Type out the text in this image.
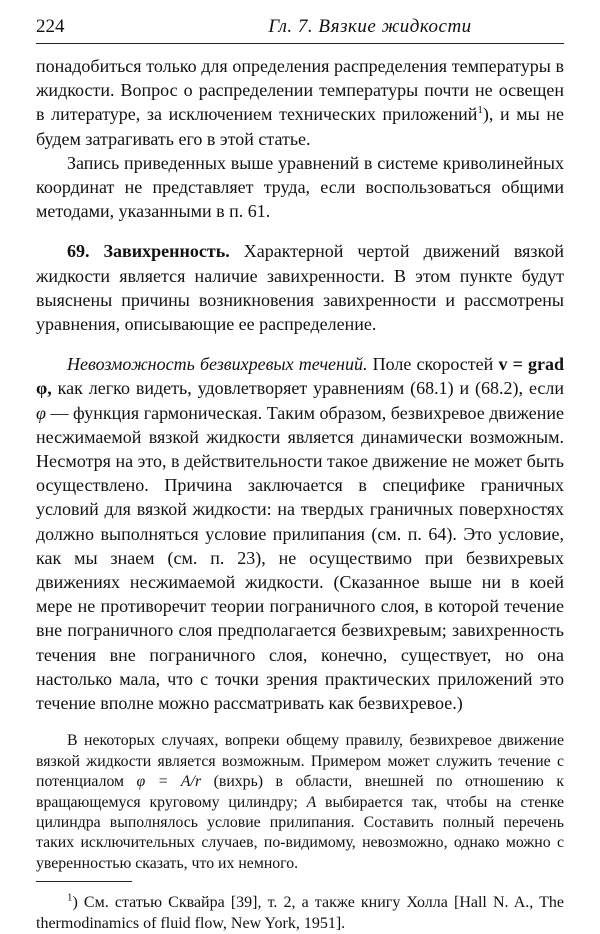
224	Гл. 7. Вязкие жидкости

понадобиться только для определения распределения температуры в жидкости. Вопрос о распределении температуры почти не освещен в литературе, за исключением технических приложений$^1$), и мы не будем затрагивать его в этой статье.

Запись приведенных выше уравнений в системе криволинейных координат не представляет труда, если воспользоваться общими методами, указанными в п. 61.

69. Завихренность. Характерной чертой движений вязкой жидкости является наличие завихренности. В этом пункте будут выяснены причины возникновения завихренности и рассмотрены уравнения, описывающие ее распределение.

Невозможность безвихревых течений. Поле скоростей v = grad φ, как легко видеть, удовлетворяет уравнениям (68.1) и (68.2), если φ — функция гармоническая. Таким образом, безвихревое движение несжимаемой вязкой жидкости является динамически возможным. Несмотря на это, в действительности такое движение не может быть осуществлено. Причина заключается в специфике граничных условий для вязкой жидкости: на твердых граничных поверхностях должно выполняться условие прилипания (см. п. 64). Это условие, как мы знаем (см. п. 23), не осуществимо при безвихревых движениях несжимаемой жидкости. (Сказанное выше ни в коей мере не противоречит теории пограничного слоя, в которой течение вне пограничного слоя предполагается безвихревым; завихренность течения вне пограничного слоя, конечно, существует, но она настолько мала, что с точки зрения практических приложений это течение вполне можно рассматривать как безвихревое.)

В некоторых случаях, вопреки общему правилу, безвихревое движение вязкой жидкости является возможным. Примером может служить течение с потенциалом φ = A/r (вихрь) в области, внешней по отношению к вращающемуся круговому цилиндру; A выбирается так, чтобы на стенке цилиндра выполнялось условие прилипания. Составить полный перечень таких исключительных случаев, по-видимому, невозможно, однако можно с уверенностью сказать, что их немного.

$^1$) См. статью Сквайра [39], т. 2, а также книгу Холла [Hall N. A., The thermodinamics of fluid flow, New York, 1951].
